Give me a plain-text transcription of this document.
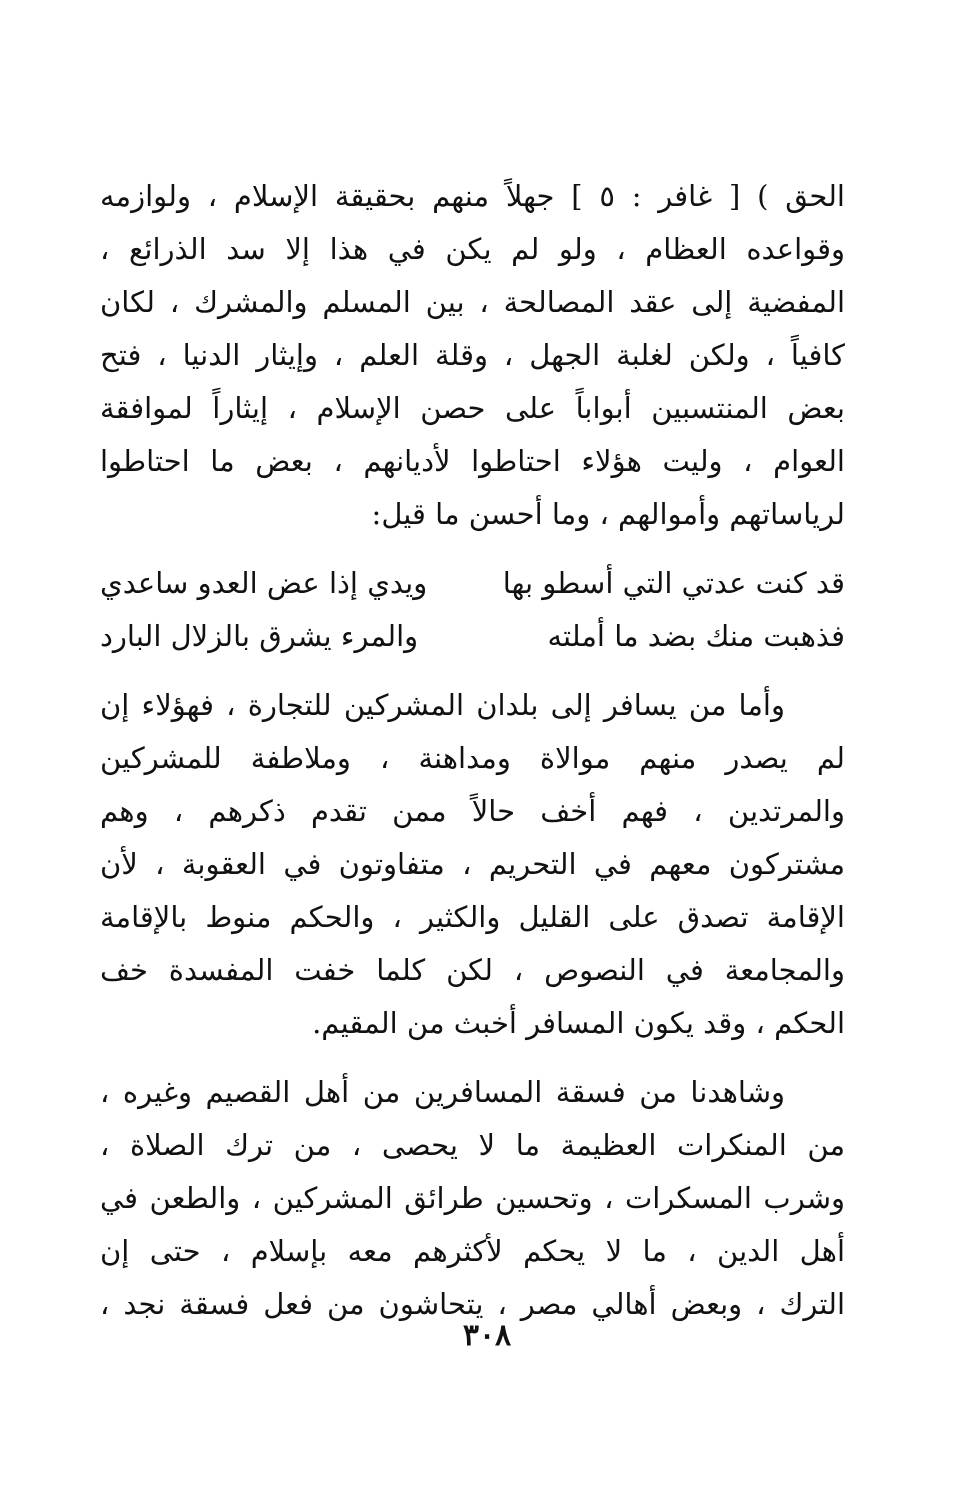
الحق ) [ غافر : ٥ ] جهلاً منهم بحقيقة الإسلام ، ولوازمه
وقواعده العظام ، ولو لم يكن في هذا إلا سد الذرائع ،
المفضية إلى عقد المصالحة ، بين المسلم والمشرك ، لكان
كافياً ، ولكن لغلبة الجهل ، وقلة العلم ، وإيثار الدنيا ، فتح
بعض المنتسبين أبواباً على حصن الإسلام ، إيثاراً لموافقة
العوام ، وليت هؤلاء احتاطوا لأديانهم ، بعض ما احتاطوا
لرياساتهم وأموالهم ، وما أحسن ما قيل:
قد كنت عدتي التي أسطو بها
ويدي إذا عض العدو ساعدي
فذهبت منك بضد ما أملته
والمرء يشرق بالزلال البارد
وأما من يسافر إلى بلدان المشركين للتجارة ، فهؤلاء إن
لم يصدر منهم موالاة ومداهنة ، وملاطفة للمشركين
والمرتدين ، فهم أخف حالاً ممن تقدم ذكرهم ، وهم
مشتركون معهم في التحريم ، متفاوتون في العقوبة ، لأن
الإقامة تصدق على القليل والكثير ، والحكم منوط بالإقامة
والمجامعة في النصوص ، لكن كلما خفت المفسدة خف
الحكم ، وقد يكون المسافر أخبث من المقيم.
وشاهدنا من فسقة المسافرين من أهل القصيم وغيره ،
من المنكرات العظيمة ما لا يحصى ، من ترك الصلاة ،
وشرب المسكرات ، وتحسين طرائق المشركين ، والطعن في
أهل الدين ، ما لا يحكم لأكثرهم معه بإسلام ، حتى إن
الترك ، وبعض أهالي مصر ، يتحاشون من فعل فسقة نجد ،
٣٠٨
